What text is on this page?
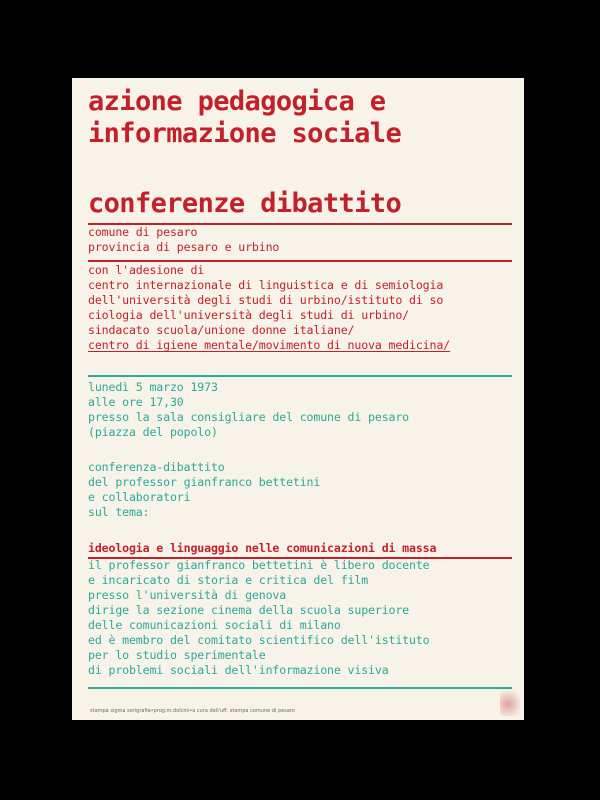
azione pedagogica e
informazione sociale
conferenze dibattito
comune di pesaro
provincia di pesaro e urbino
con l'adesione di
centro internazionale di linguistica e di semiologia
dell'università degli studi di urbino/istituto di so
ciologia dell'università degli studi di urbino/
sindacato scuola/unione donne italiane/
centro di igiene mentale/movimento di nuova medicina/
lunedì 5 marzo 1973
alle ore 17,30
presso la sala consigliare del comune di pesaro
(piazza del popolo)
conferenza-dibattito
del professor gianfranco bettetini
e collaboratori
sul tema:
ideologia e linguaggio nelle comunicazioni di massa
il professor gianfranco bettetini è libero docente
e incaricato di storia e critica del film
presso l'università di genova
dirige la sezione cinema della scuola superiore
delle comunicazioni sociali di milano
ed è membro del comitato scientifico dell'istituto
per lo studio sperimentale
di problemi sociali dell'informazione visiva
stampa sigma serigrafia•prog.m.dolcini•a cura dell'uff. stampa comune di pesaro
